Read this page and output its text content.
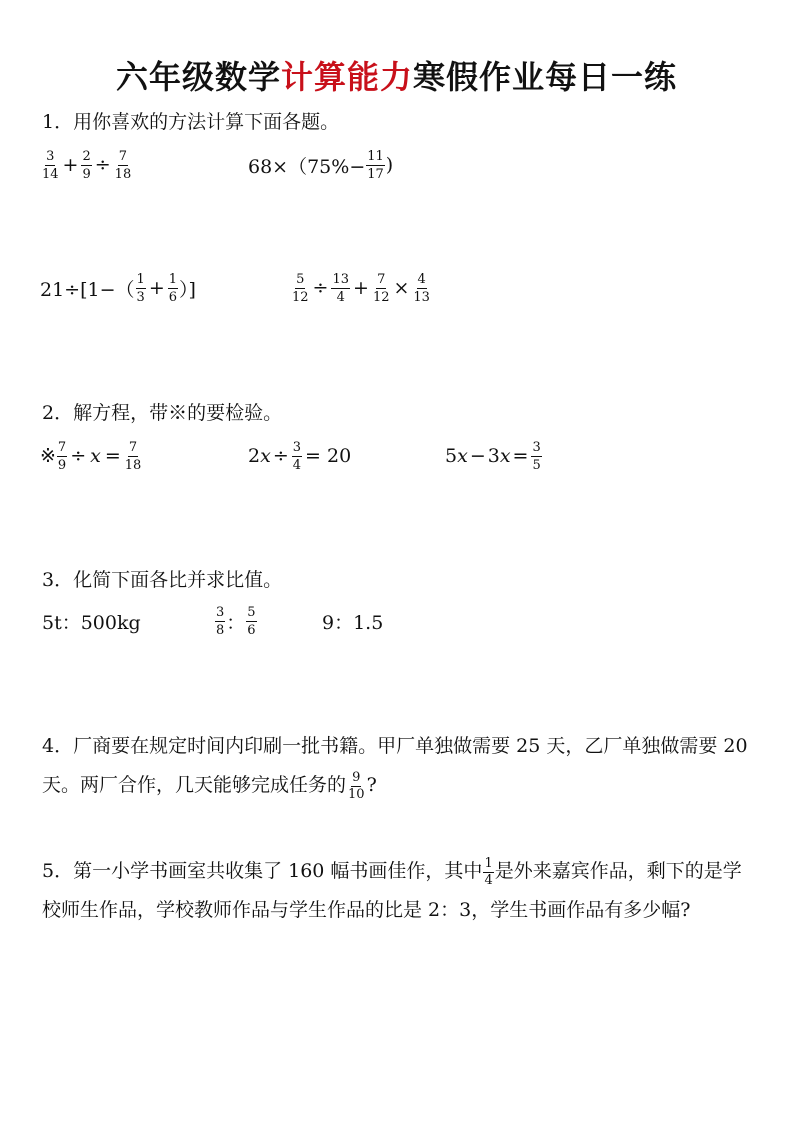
六年级数学计算能力寒假作业每日一练
1．用你喜欢的方法计算下面各题。
$\frac{3}{14} + \frac{2}{9} \div \frac{7}{18}$	$68\times(75\%- \frac{11}{17}$ )
$21\div[1-( \frac{1}{3} + \frac{1}{6}$ ）]	$\frac{5}{12} \div \frac{13}{4} + \frac{7}{12} \times \frac{4}{13}$
2．解方程，带※的要检验。
※ $\frac{7}{9} \div x = \frac{7}{18}$	2 $x \div \frac{3}{4} = 20$	5 x − 3 $x = \frac{3}{5}$
3．化简下面各比并求比值。
5t：500kg	$\frac{3}{8}$ ： $\frac{5}{6}$	9：1.5
4．厂商要在规定时间内印刷一批书籍。甲厂单独做需要 25 天，乙厂单独做需要 20 天。两厂合作，几天能够完成任务的 $\frac{9}{10}$ ?
5．第一小学书画室共收集了 160 幅书画佳作，其中 $\frac{1}{4}$ 是外来嘉宾作品，剩下的是学校师生作品，学校教师作品与学生作品的比是 2：3，学生书画作品有多少幅?
